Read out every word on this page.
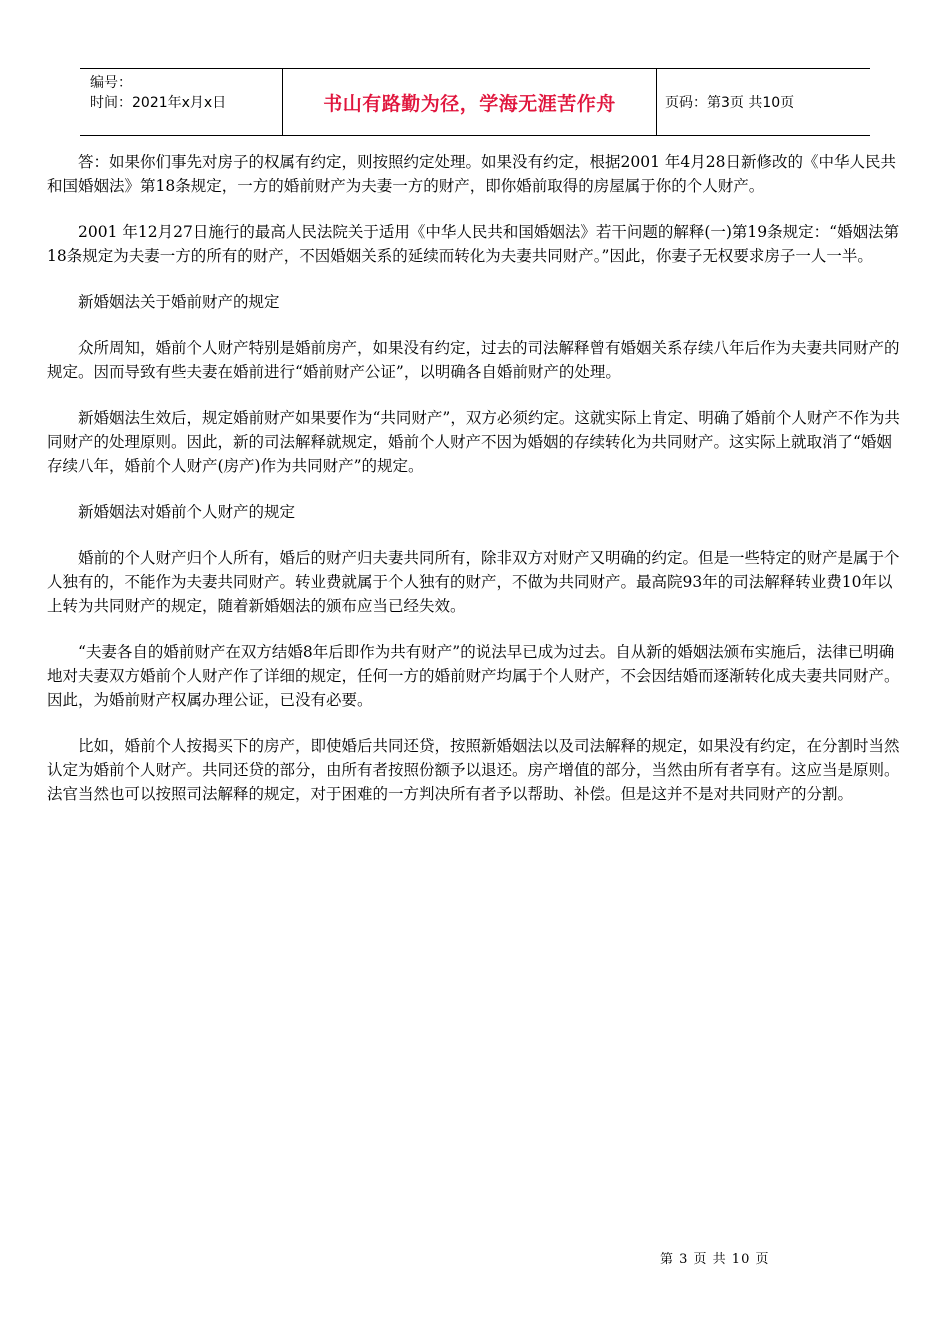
编号：
时间：2021年x月x日	书山有路勤为径，学海无涯苦作舟	页码：第3页 共10页

答：如果你们事先对房子的权属有约定，则按照约定处理。如果没有约定，根据2001 年4月28日新修改的《中华人民共和国婚姻法》第18条规定，一方的婚前财产为夫妻一方的财产，即你婚前取得的房屋属于你的个人财产。

2001 年12月27日施行的最高人民法院关于适用《中华人民共和国婚姻法》若干问题的解释(一)第19条规定：“婚姻法第18条规定为夫妻一方的所有的财产，不因婚姻关系的延续而转化为夫妻共同财产。”因此，你妻子无权要求房子一人一半。

新婚姻法关于婚前财产的规定

众所周知，婚前个人财产特别是婚前房产，如果没有约定，过去的司法解释曾有婚姻关系存续八年后作为夫妻共同财产的规定。因而导致有些夫妻在婚前进行“婚前财产公证”，以明确各自婚前财产的处理。

新婚姻法生效后，规定婚前财产如果要作为“共同财产”，双方必须约定。这就实际上肯定、明确了婚前个人财产不作为共同财产的处理原则。因此，新的司法解释就规定，婚前个人财产不因为婚姻的存续转化为共同财产。这实际上就取消了“婚姻存续八年，婚前个人财产(房产)作为共同财产”的规定。

新婚姻法对婚前个人财产的规定

婚前的个人财产归个人所有，婚后的财产归夫妻共同所有，除非双方对财产又明确的约定。但是一些特定的财产是属于个人独有的，不能作为夫妻共同财产。转业费就属于个人独有的财产，不做为共同财产。最高院93年的司法解释转业费10年以上转为共同财产的规定，随着新婚姻法的颁布应当已经失效。

“夫妻各自的婚前财产在双方结婚8年后即作为共有财产”的说法早已成为过去。自从新的婚姻法颁布实施后，法律已明确地对夫妻双方婚前个人财产作了详细的规定，任何一方的婚前财产均属于个人财产，不会因结婚而逐渐转化成夫妻共同财产。因此，为婚前财产权属办理公证，已没有必要。

比如，婚前个人按揭买下的房产，即使婚后共同还贷，按照新婚姻法以及司法解释的规定，如果没有约定，在分割时当然认定为婚前个人财产。共同还贷的部分，由所有者按照份额予以退还。房产增值的部分，当然由所有者享有。这应当是原则。法官当然也可以按照司法解释的规定，对于困难的一方判决所有者予以帮助、补偿。但是这并不是对共同财产的分割。

第 3 页 共 10 页
